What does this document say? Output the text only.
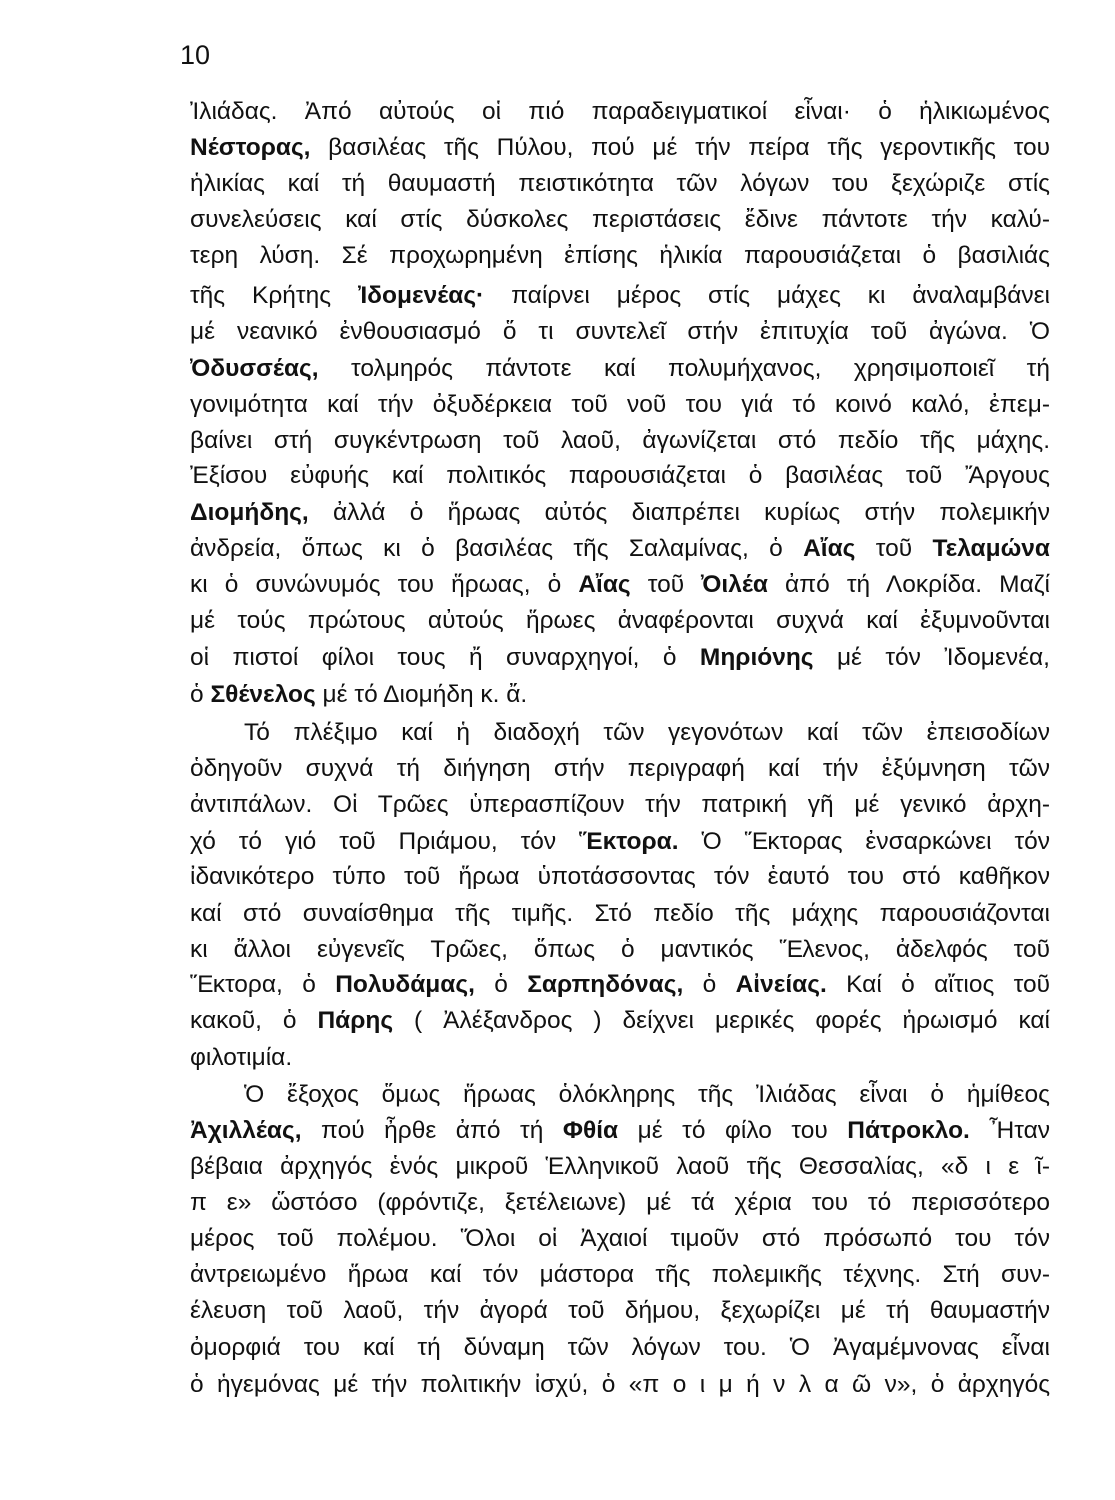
10
Ἰλιάδας. Ἀπό αὐτούς οἱ πιό παραδειγματικοί εἶναι· ὁ ἡλικιωμένος
Νέστορας, βασιλέας τῆς Πύλου, πού μέ τήν πείρα τῆς γεροντικῆς του
ἡλικίας καί τή θαυμαστή πειστικότητα τῶν λόγων του ξεχώριζε στίς
συνελεύσεις καί στίς δύσκολες περιστάσεις ἔδινε πάντοτε τήν καλύ-
τερη λύση. Σέ προχωρημένη ἐπίσης ἡλικία παρουσιάζεται ὁ βασιλιάς
τῆς Κρήτης Ἰδομενέας· παίρνει μέρος στίς μάχες κι ἀναλαμβάνει
μέ νεανικό ἐνθουσιασμό ὅ τι συντελεῖ στήν ἐπιτυχία τοῦ ἀγώνα. Ὁ
Ὀδυσσέας, τολμηρός πάντοτε καί πολυμήχανος, χρησιμοποιεῖ τή
γονιμότητα καί τήν ὀξυδέρκεια τοῦ νοῦ του γιά τό κοινό καλό, ἐπεμ-
βαίνει στή συγκέντρωση τοῦ λαοῦ, ἀγωνίζεται στό πεδίο τῆς μάχης.
Ἐξίσου εὐφυής καί πολιτικός παρουσιάζεται ὁ βασιλέας τοῦ Ἄργους
Διομήδης, ἀλλά ὁ ἥρωας αὐτός διαπρέπει κυρίως στήν πολεμικήν
ἀνδρεία, ὅπως κι ὁ βασιλέας τῆς Σαλαμίνας, ὁ Αἴας τοῦ Τελαμώνα
κι ὁ συνώνυμός του ἥρωας, ὁ Αἴας τοῦ Ὀιλέα ἀπό τή Λοκρίδα. Μαζί
μέ τούς πρώτους αὐτούς ἥρωες ἀναφέρονται συχνά καί ἐξυμνοῦνται
οἱ πιστοί φίλοι τους ἤ συναρχηγοί, ὁ Μηριόνης μέ τόν Ἰδομενέα,
ὁ Σθένελος μέ τό Διομήδη κ. ἄ.
Τό πλέξιμο καί ἡ διαδοχή τῶν γεγονότων καί τῶν ἐπεισοδίων
ὁδηγοῦν συχνά τή διήγηση στήν περιγραφή καί τήν ἐξύμνηση τῶν
ἀντιπάλων. Οἱ Τρῶες ὑπερασπίζουν τήν πατρική γῆ μέ γενικό ἀρχη-
χό τό γιό τοῦ Πριάμου, τόν Ἕκτορα. Ὁ Ἕκτορας ἐνσαρκώνει τόν
ἰδανικότερο τύπο τοῦ ἥρωα ὑποτάσσοντας τόν ἑαυτό του στό καθῆκον
καί στό συναίσθημα τῆς τιμῆς. Στό πεδίο τῆς μάχης παρουσιάζονται
κι ἄλλοι εὐγενεῖς Τρῶες, ὅπως ὁ μαντικός Ἕλενος, ἀδελφός τοῦ
Ἕκτορα, ὁ Πολυδάμας, ὁ Σαρπηδόνας, ὁ Αἰνείας. Καί ὁ αἴτιος τοῦ
κακοῦ, ὁ Πάρης ( Ἀλέξανδρος ) δείχνει μερικές φορές ἡρωισμό καί
φιλοτιμία.
Ὁ ἔξοχος ὅμως ἥρωας ὁλόκληρης τῆς Ἰλιάδας εἶναι ὁ ἡμίθεος
Ἀχιλλέας, πού ἦρθε ἀπό τή Φθία μέ τό φίλο του Πάτροκλο. Ἦταν
βέβαια ἀρχηγός ἑνός μικροῦ Ἑλληνικοῦ λαοῦ τῆς Θεσσαλίας, «δ ι ε ῖ-
π ε» ὥστόσο (φρόντιζε, ξετέλειωνε) μέ τά χέρια του τό περισσότερο
μέρος τοῦ πολέμου. Ὅλοι οἱ Ἀχαιοί τιμοῦν στό πρόσωπό του τόν
ἀντρειωμένο ἥρωα καί τόν μάστορα τῆς πολεμικῆς τέχνης. Στή συν-
έλευση τοῦ λαοῦ, τήν ἀγορά τοῦ δήμου, ξεχωρίζει μέ τή θαυμαστήν
ὀμορφιά του καί τή δύναμη τῶν λόγων του. Ὁ Ἀγαμέμνονας εἶναι
ὁ ἡγεμόνας μέ τήν πολιτικήν ἰσχύ, ὁ «π ο ι μ ή ν λ α ῶ ν», ὁ ἀρχηγός
